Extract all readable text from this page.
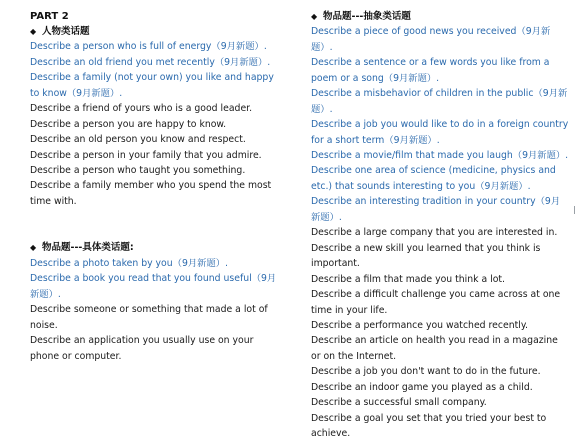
PART 2
◆ 人物类话题
Describe a person who is full of energy（9月新题）.
Describe an old friend you met recently（9月新题）.
Describe a family (not your own) you like and happy to know（9月新题）.
Describe a friend of yours who is a good leader.
Describe a person you are happy to know.
Describe an old person you know and respect.
Describe a person in your family that you admire.
Describe a person who taught you something.
Describe a family member who you spend the most time with.
◆ 物品题---具体类话题:
Describe a photo taken by you（9月新题）.
Describe a book you read that you found useful（9月新题）.
Describe someone or something that made a lot of noise.
Describe an application you usually use on your phone or computer.
◆ 物品题---抽象类话题
Describe a piece of good news you received（9月新题）.
Describe a sentence or a few words you like from a poem or a song（9月新题）.
Describe a misbehavior of children in the public（9月新题）.
Describe a job you would like to do in a foreign country for a short term（9月新题）.
Describe a movie/film that made you laugh（9月新题）.
Describe one area of science (medicine, physics and etc.) that sounds interesting to you（9月新题）.
Describe an interesting tradition in your country（9月新题）.
Describe a large company that you are interested in.
Describe a new skill you learned that you think is important.
Describe a film that made you think a lot.
Describe a difficult challenge you came across at one time in your life.
Describe a performance you watched recently.
Describe an article on health you read in a magazine or on the Internet.
Describe a job you don't want to do in the future.
Describe an indoor game you played as a child.
Describe a successful small company.
Describe a goal you set that you tried your best to achieve.
